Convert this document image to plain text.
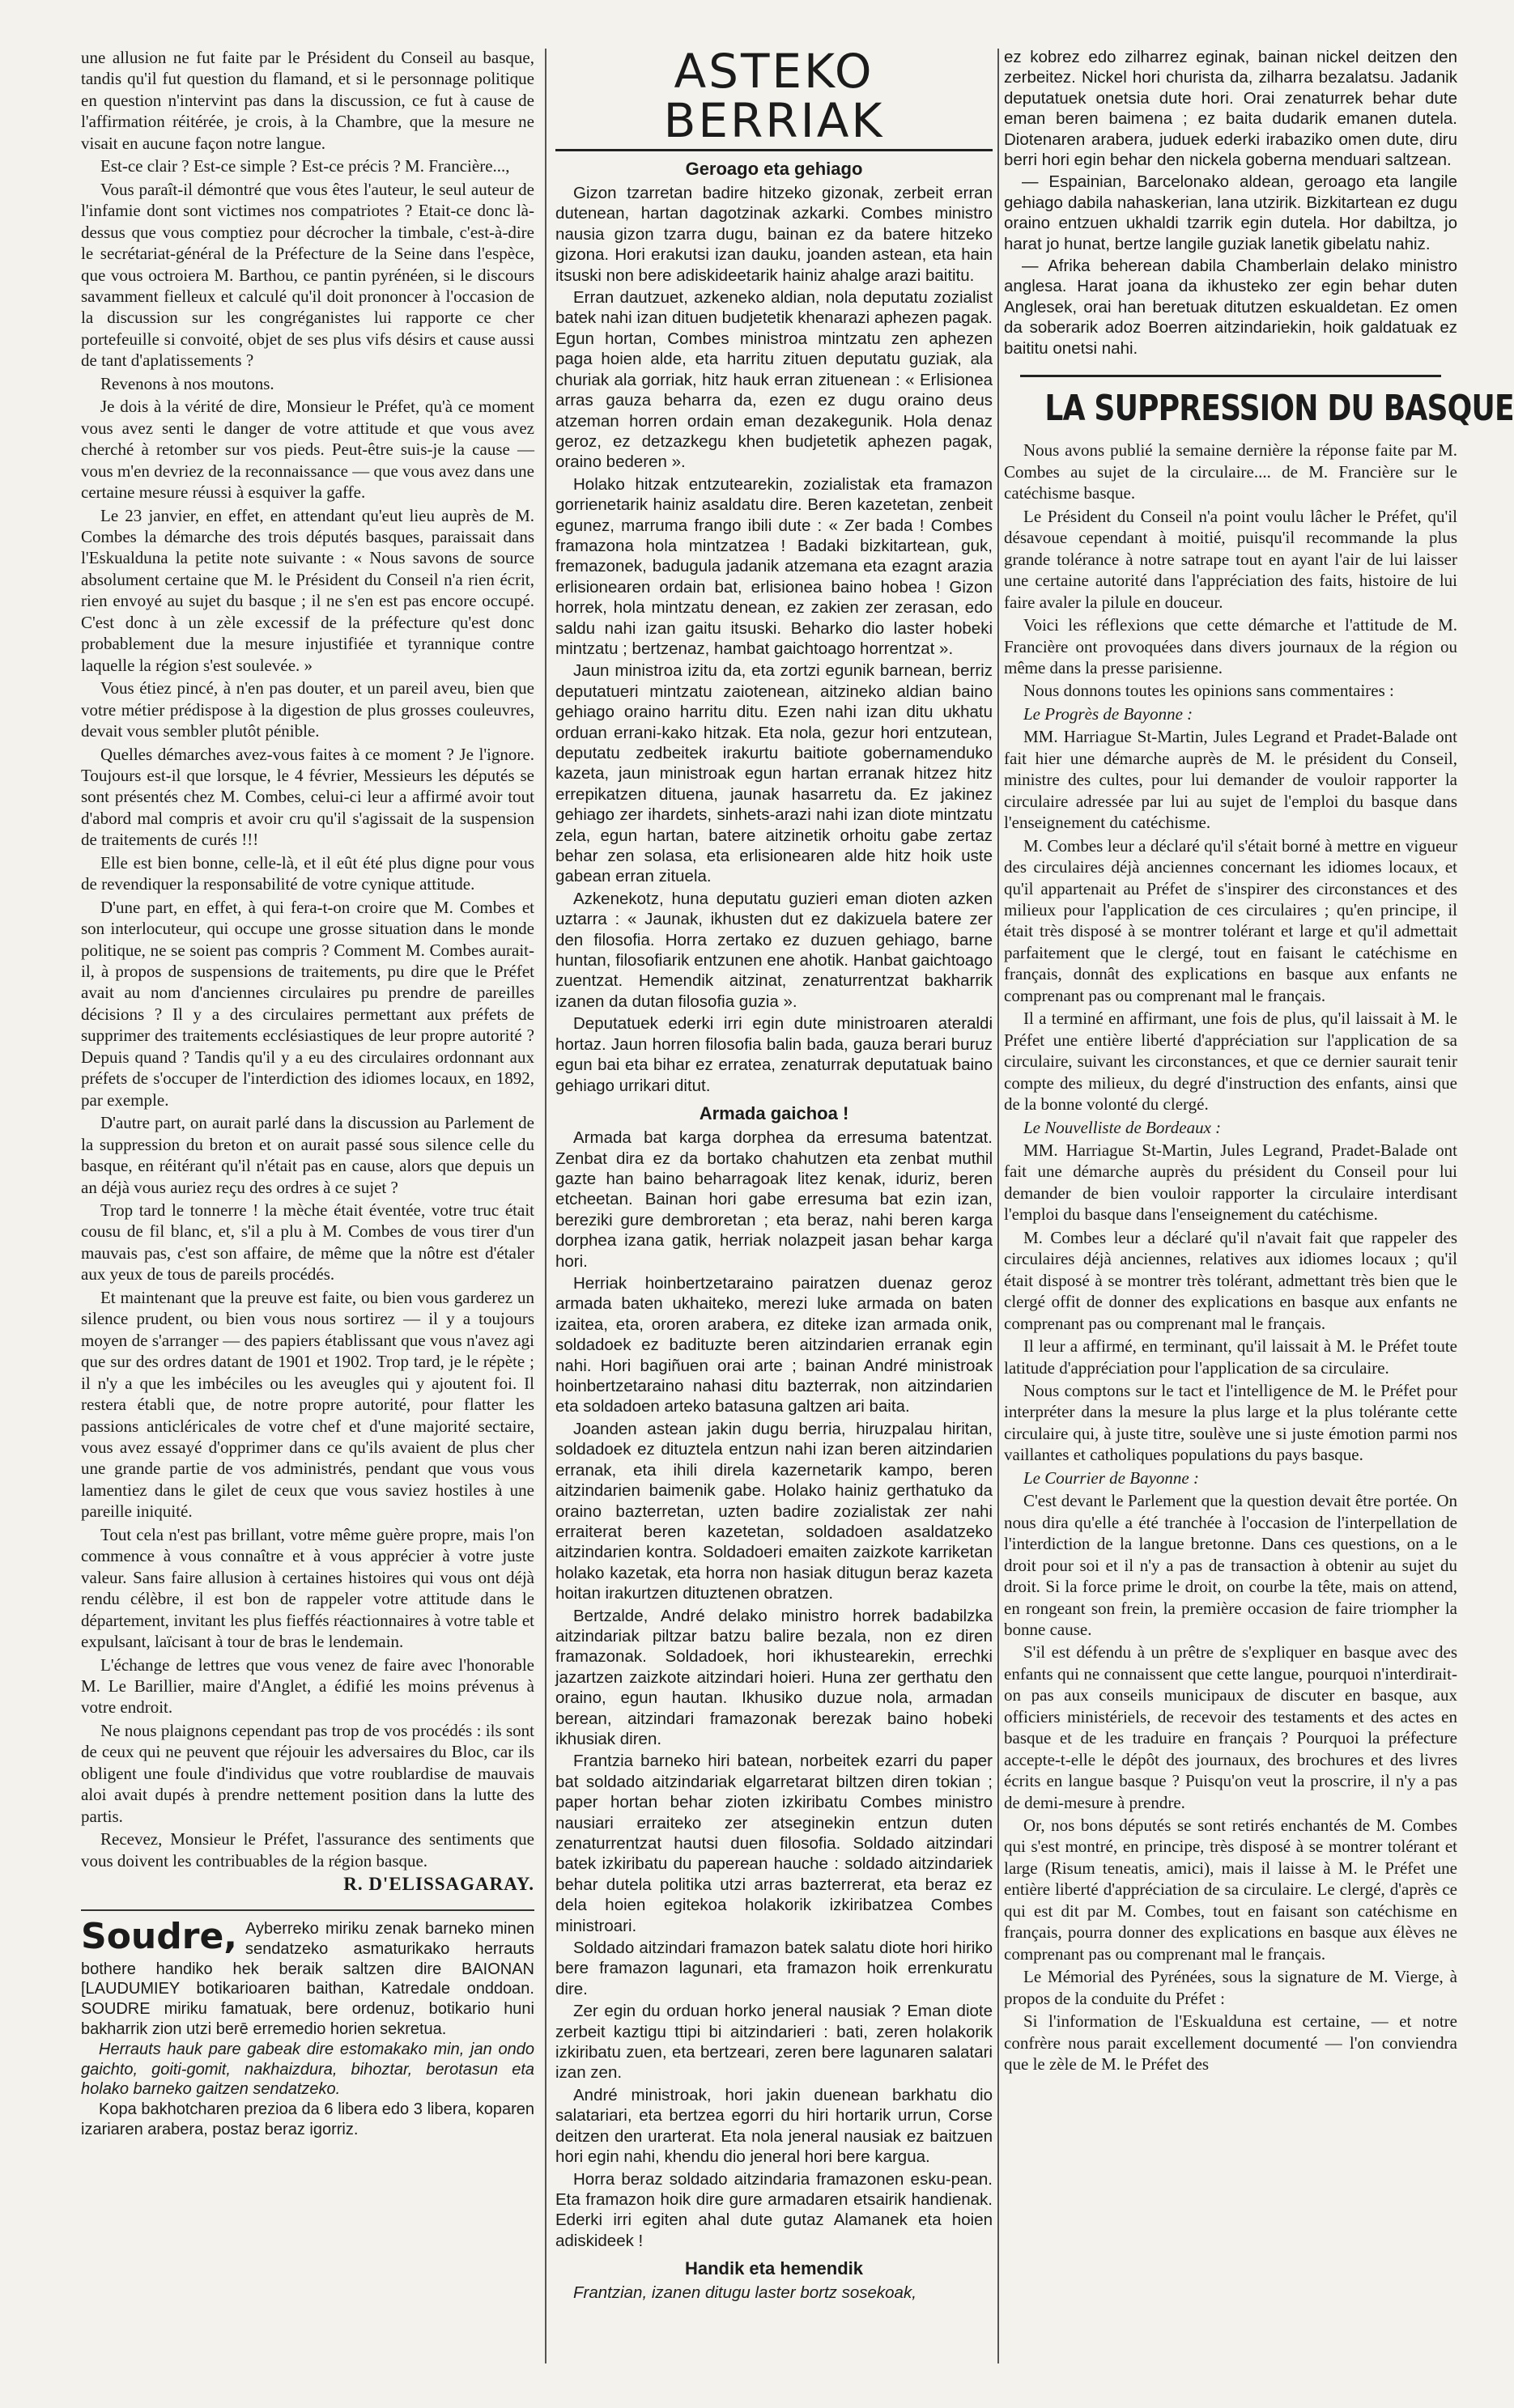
une allusion ne fut faite par le Président du Conseil au basque, tandis qu'il fut question du flamand, et si le personnage politique en question n'intervint pas dans la discussion, ce fut à cause de l'affirmation réitérée, je crois, à la Chambre, que la mesure ne visait en aucune façon notre langue.

Est-ce clair ? Est-ce simple ? Est-ce précis ? M. Francière...,

Vous paraît-il démontré que vous êtes l'auteur, le seul auteur de l'infamie dont sont victimes nos compatriotes ? Etait-ce donc là-dessus que vous comptiez pour décrocher la timbale, c'est-à-dire le secrétariat-général de la Préfecture de la Seine dans l'espèce, que vous octroiera M. Barthou, ce pantin pyrénéen, si le discours savamment fielleux et calculé qu'il doit prononcer à l'occasion de la discussion sur les congréganistes lui rapporte ce cher portefeuille si convoité, objet de ses plus vifs désirs et cause aussi de tant d'aplatissements ?

Revenons à nos moutons.

Je dois à la vérité de dire, Monsieur le Préfet, qu'à ce moment vous avez senti le danger de votre attitude et que vous avez cherché à retomber sur vos pieds. Peut-être suis-je la cause — vous m'en devriez de la reconnaissance — que vous avez dans une certaine mesure réussi à esquiver la gaffe.

Le 23 janvier, en effet, en attendant qu'eut lieu auprès de M. Combes la démarche des trois députés basques, paraissait dans l'Eskualduna la petite note suivante : « Nous savons de source absolument certaine que M. le Président du Conseil n'a rien écrit, rien envoyé au sujet du basque ; il ne s'en est pas encore occupé. C'est donc à un zèle excessif de la préfecture qu'est donc probablement due la mesure injustifiée et tyrannique contre laquelle la région s'est soulevée. »

Vous étiez pincé, à n'en pas douter, et un pareil aveu, bien que votre métier prédispose à la digestion de plus grosses couleuvres, devait vous sembler plutôt pénible.

Quelles démarches avez-vous faites à ce moment ? Je l'ignore. Toujours est-il que lorsque, le 4 février, Messieurs les députés se sont présentés chez M. Combes, celui-ci leur a affirmé avoir tout d'abord mal compris et avoir cru qu'il s'agissait de la suspension de traitements de curés !!!

Elle est bien bonne, celle-là, et il eût été plus digne pour vous de revendiquer la responsabilité de votre cynique attitude.

D'une part, en effet, à qui fera-t-on croire que M. Combes et son interlocuteur, qui occupe une grosse situation dans le monde politique, ne se soient pas compris ? Comment M. Combes aurait-il, à propos de suspensions de traitements, pu dire que le Préfet avait au nom d'anciennes circulaires pu prendre de pareilles décisions ? Il y a des circulaires permettant aux préfets de supprimer des traitements ecclésiastiques de leur propre autorité ? Depuis quand ? Tandis qu'il y a eu des circulaires ordonnant aux préfets de s'occuper de l'interdiction des idiomes locaux, en 1892, par exemple.

D'autre part, on aurait parlé dans la discussion au Parlement de la suppression du breton et on aurait passé sous silence celle du basque, en réitérant qu'il n'était pas en cause, alors que depuis un an déjà vous auriez reçu des ordres à ce sujet ?

Trop tard le tonnerre ! la mèche était éventée, votre truc était cousu de fil blanc, et, s'il a plu à M. Combes de vous tirer d'un mauvais pas, c'est son affaire, de même que la nôtre est d'étaler aux yeux de tous de pareils procédés.

Et maintenant que la preuve est faite, ou bien vous garderez un silence prudent, ou bien vous nous sortirez — il y a toujours moyen de s'arranger — des papiers établissant que vous n'avez agi que sur des ordres datant de 1901 et 1902. Trop tard, je le répète ; il n'y a que les imbéciles ou les aveugles qui y ajoutent foi. Il restera établi que, de notre propre autorité, pour flatter les passions anticléricales de votre chef et d'une majorité sectaire, vous avez essayé d'opprimer dans ce qu'ils avaient de plus cher une grande partie de vos administrés, pendant que vous vous lamentiez dans le gilet de ceux que vous saviez hostiles à une pareille iniquité.

Tout cela n'est pas brillant, votre même guère propre, mais l'on commence à vous connaître et à vous apprécier à votre juste valeur. Sans faire allusion à certaines histoires qui vous ont déjà rendu célèbre, il est bon de rappeler votre attitude dans le département, invitant les plus fieffés réactionnaires à votre table et expulsant, laïcisant à tour de bras le lendemain.

L'échange de lettres que vous venez de faire avec l'honorable M. Le Barillier, maire d'Anglet, a édifié les moins prévenus à votre endroit.

Ne nous plaignons cependant pas trop de vos procédés : ils sont de ceux qui ne peuvent que réjouir les adversaires du Bloc, car ils obligent une foule d'individus que votre roublardise de mauvais aloi avait dupés à prendre nettement position dans la lutte des partis.

Recevez, Monsieur le Préfet, l'assurance des sentiments que vous doivent les contribuables de la région basque.

R. D'ELISSAGARAY.

Soudre, Ayberreko miriku zenak barneko minen sendatzeko asmaturikako herrauts bothere handiko hek beraik saltzen dire BAIONAN [LAUDUMIEY botikarioaren baithan, Katredale onddoan. SOUDRE miriku famatuak, bere ordenuz, botikario huni bakharrik zion utzi berē erremedio horien sekretua.

Herrauts hauk pare gabeak dire estomakako min, jan ondo gaichto, goiti-gomit, nakhaizdura, bihoztar, berotasun eta holako barneko gaitzen sendatzeko.

Kopa bakhotcharen prezioa da 6 libera edo 3 libera, koparen izariaren arabera, postaz beraz igorriz.

ASTEKO BERRIAK
Geroago eta gehiago

Gizon tzarretan badire hitzeko gizonak, zerbeit erran dutenean, hartan dagotzinak azkarki. Combes ministro nausia gizon tzarra dugu, bainan ez da batere hitzeko gizona. Hori erakutsi izan dauku, joanden astean, eta hain itsuski non bere adiskideetarik hainiz ahalge arazi baititu.

Erran dautzuet, azkeneko aldian, nola deputatu zozialist batek nahi izan dituen budjetetik khenarazi aphezen pagak. Egun hortan, Combes ministroa mintzatu zen aphezen paga hoien alde, eta harritu zituen deputatu guziak, ala churiak ala gorriak, hitz hauk erran zituenean : « Erlisionea arras gauza beharra da, ezen ez dugu oraino deus atzeman horren ordain eman dezakegunik. Hola denaz geroz, ez detzazkegu khen budjetetik aphezen pagak, oraino bederen ».

Holako hitzak entzutearekin, zozialistak eta framazon gorrienetarik hainiz asaldatu dire. Beren kazetetan, zenbeit egunez, marruma frango ibili dute : « Zer bada ! Combes framazona hola mintzatzea ! Badaki bizkitartean, guk, fremazonek, badugula jadanik atzemana eta ezagnt arazia erlisionearen ordain bat, erlisionea baino hobea ! Gizon horrek, hola mintzatu denean, ez zakien zer zerasan, edo saldu nahi izan gaitu itsuski. Beharko dio laster hobeki mintzatu ; bertzenaz, hambat gaichtoago horrentzat ».

Jaun ministroa izitu da, eta zortzi egunik barnean, berriz deputatueri mintzatu zaiotenean, aitzineko aldian baino gehiago oraino harritu ditu. Ezen nahi izan ditu ukhatu orduan errani-kako hitzak. Eta nola, gezur hori entzutean, deputatu zedbeitek irakurtu baitiote gobernamenduko kazeta, jaun ministroak egun hartan erranak hitzez hitz errepikatzen dituena, jaunak hasarretu da. Ez jakinez gehiago zer ihardets, sinhets-arazi nahi izan diote mintzatu zela, egun hartan, batere aitzinetik orhoitu gabe zertaz behar zen solasa, eta erlisionearen alde hitz hoik uste gabean erran zituela.

Azkenekotz, huna deputatu guzieri eman dioten azken uztarra : « Jaunak, ikhusten dut ez dakizuela batere zer den filosofia. Horra zertako ez duzuen gehiago, barne huntan, filosofiarik entzunen ene ahotik. Hanbat gaichtoago zuentzat. Hemendik aitzinat, zenaturrentzat bakharrik izanen da dutan filosofia guzia ».

Deputatuek ederki irri egin dute ministroaren ateraldi hortaz. Jaun horren filosofia balin bada, gauza berari buruz egun bai eta bihar ez erratea, zenaturrak deputatuak baino gehiago urrikari ditut.

Armada gaichoa !

Armada bat karga dorphea da erresuma batentzat. Zenbat dira ez da bortako chahutzen eta zenbat muthil gazte han baino beharragoak litez kenak, iduriz, beren etcheetan. Bainan hori gabe erresuma bat ezin izan, bereziki gure dembroretan ; eta beraz, nahi beren karga dorphea izana gatik, herriak nolazpeit jasan behar karga hori.

Herriak hoinbertzetaraino pairatzen duenaz geroz armada baten ukhaiteko, merezi luke armada on baten izaitea, eta, ororen arabera, ez diteke izan armada onik, soldadoek ez badituzte beren aitzindarien erranak egin nahi. Hori bagiñuen orai arte ; bainan André ministroak hoinbertzetaraino nahasi ditu bazterrak, non aitzindarien eta soldadoen arteko batasuna galtzen ari baita.

Joanden astean jakin dugu berria, hiruzpalau hiritan, soldadoek ez dituztela entzun nahi izan beren aitzindarien erranak, eta ihili direla kazernetarik kampo, beren aitzindarien baimenik gabe. Holako hainiz gerthatuko da oraino bazterretan, uzten badire zozialistak zer nahi erraiterat beren kazetetan, soldadoen asaldatzeko aitzindarien kontra. Soldadoeri emaiten zaizkote karriketan holako kazetak, eta horra non hasiak ditugun beraz kazeta hoitan irakurtzen dituztenen obratzen.

Bertzalde, André delako ministro horrek badabilzka aitzindariak piltzar batzu balire bezala, non ez diren framazonak. Soldadoek, hori ikhustearekin, errechki jazartzen zaizkote aitzindari hoieri. Huna zer gerthatu den oraino, egun hautan. Ikhusiko duzue nola, armadan berean, aitzindari framazonak berezak baino hobeki ikhusiak diren.

Frantzia barneko hiri batean, norbeitek ezarri du paper bat soldado aitzindariak elgarretarat biltzen diren tokian ; paper hortan behar zioten izkiribatu Combes ministro nausiari erraiteko zer atseginekin entzun duten zenaturrentzat hautsi duen filosofia. Soldado aitzindari batek izkiribatu du paperean hauche : soldado aitzindariek behar dutela politika utzi arras bazterrerat, eta beraz ez dela hoien egitekoa holakorik izkiribatzea Combes ministroari.

Soldado aitzindari framazon batek salatu diote hori hiriko bere framazon lagunari, eta framazon hoik errenkuratu dire.

Zer egin du orduan horko jeneral nausiak ? Eman diote zerbeit kaztigu ttipi bi aitzindarieri : bati, zeren holakorik izkiribatu zuen, eta bertzeari, zeren bere lagunaren salatari izan zen.

André ministroak, hori jakin duenean barkhatu dio salatariari, eta bertzea egorri du hiri hortarik urrun, Corse deitzen den urarterat. Eta nola jeneral nausiak ez baitzuen hori egin nahi, khendu dio jeneral hori bere kargua.

Horra beraz soldado aitzindaria framazonen esku-pean. Eta framazon hoik dire gure armadaren etsairik handienak. Ederki irri egiten ahal dute gutaz Alamanek eta hoien adiskideek !

Handik eta hemendik

Frantzian, izanen ditugu laster bortz sosekoak,

ez kobrez edo zilharrez eginak, bainan nickel deitzen den zerbeitez. Nickel hori churista da, zilharra bezalatsu. Jadanik deputatuek onetsia dute hori. Orai zenaturrek behar dute eman beren baimena ; ez baita dudarik emanen dutela. Diotenaren arabera, juduek ederki irabaziko omen dute, diru berri hori egin behar den nickela goberna menduari saltzean.

— Espainian, Barcelonako aldean, geroago eta langile gehiago dabila nahaskerian, lana utzirik. Bizkitartean ez dugu oraino entzuen ukhaldi tzarrik egin dutela. Hor dabiltza, jo harat jo hunat, bertze langile guziak lanetik gibelatu nahiz.

— Afrika beherean dabila Chamberlain delako ministro anglesa. Harat joana da ikhusteko zer egin behar duten Anglesek, orai han beretuak ditutzen eskualdetan. Ez omen da soberarik adoz Boerren aitzindariekin, hoik galdatuak ez baititu onetsi nahi.

LA SUPPRESSION DU BASQUE

Nous avons publié la semaine dernière la réponse faite par M. Combes au sujet de la circulaire.... de M. Francière sur le catéchisme basque.

Le Président du Conseil n'a point voulu lâcher le Préfet, qu'il désavoue cependant à moitié, puisqu'il recommande la plus grande tolérance à notre satrape tout en ayant l'air de lui laisser une certaine autorité dans l'appréciation des faits, histoire de lui faire avaler la pilule en douceur.

Voici les réflexions que cette démarche et l'attitude de M. Francière ont provoquées dans divers journaux de la région ou même dans la presse parisienne.

Nous donnons toutes les opinions sans commentaires :

Le Progrès de Bayonne :

MM. Harriague St-Martin, Jules Legrand et Pradet-Balade ont fait hier une démarche auprès de M. le président du Conseil, ministre des cultes, pour lui demander de vouloir rapporter la circulaire adressée par lui au sujet de l'emploi du basque dans l'enseignement du catéchisme.

M. Combes leur a déclaré qu'il s'était borné à mettre en vigueur des circulaires déjà anciennes concernant les idiomes locaux, et qu'il appartenait au Préfet de s'inspirer des circonstances et des milieux pour l'application de ces circulaires ; qu'en principe, il était très disposé à se montrer tolérant et large et qu'il admettait parfaitement que le clergé, tout en faisant le catéchisme en français, donnât des explications en basque aux enfants ne comprenant pas ou comprenant mal le français.

Il a terminé en affirmant, une fois de plus, qu'il laissait à M. le Préfet une entière liberté d'appréciation sur l'application de sa circulaire, suivant les circonstances, et que ce dernier saurait tenir compte des milieux, du degré d'instruction des enfants, ainsi que de la bonne volonté du clergé.

Le Nouvelliste de Bordeaux :

MM. Harriague St-Martin, Jules Legrand, Pradet-Balade ont fait une démarche auprès du président du Conseil pour lui demander de bien vouloir rapporter la circulaire interdisant l'emploi du basque dans l'enseignement du catéchisme.

M. Combes leur a déclaré qu'il n'avait fait que rappeler des circulaires déjà anciennes, relatives aux idiomes locaux ; qu'il était disposé à se montrer très tolérant, admettant très bien que le clergé offit de donner des explications en basque aux enfants ne comprenant pas ou comprenant mal le français.

Il leur a affirmé, en terminant, qu'il laissait à M. le Préfet toute latitude d'appréciation pour l'application de sa circulaire.

Nous comptons sur le tact et l'intelligence de M. le Préfet pour interpréter dans la mesure la plus large et la plus tolérante cette circulaire qui, à juste titre, soulève une si juste émotion parmi nos vaillantes et catholiques populations du pays basque.

Le Courrier de Bayonne :

C'est devant le Parlement que la question devait être portée. On nous dira qu'elle a été tranchée à l'occasion de l'interpellation de l'interdiction de la langue bretonne. Dans ces questions, on a le droit pour soi et il n'y a pas de transaction à obtenir au sujet du droit. Si la force prime le droit, on courbe la tête, mais on attend, en rongeant son frein, la première occasion de faire triompher la bonne cause.

S'il est défendu à un prêtre de s'expliquer en basque avec des enfants qui ne connaissent que cette langue, pourquoi n'interdirait-on pas aux conseils municipaux de discuter en basque, aux officiers ministériels, de recevoir des testaments et des actes en basque et de les traduire en français ? Pourquoi la préfecture accepte-t-elle le dépôt des journaux, des brochures et des livres écrits en langue basque ? Puisqu'on veut la proscrire, il n'y a pas de demi-mesure à prendre.

Or, nos bons députés se sont retirés enchantés de M. Combes qui s'est montré, en principe, très disposé à se montrer tolérant et large (Risum teneatis, amici), mais il laisse à M. le Préfet une entière liberté d'appréciation de sa circulaire. Le clergé, d'après ce qui est dit par M. Combes, tout en faisant son catéchisme en français, pourra donner des explications en basque aux élèves ne comprenant pas ou comprenant mal le français.

Le Mémorial des Pyrénées, sous la signature de M. Vierge, à propos de la conduite du Préfet :

Si l'information de l'Eskualduna est certaine, — et notre confrère nous parait excellement documenté — l'on conviendra que le zèle de M. le Préfet des
